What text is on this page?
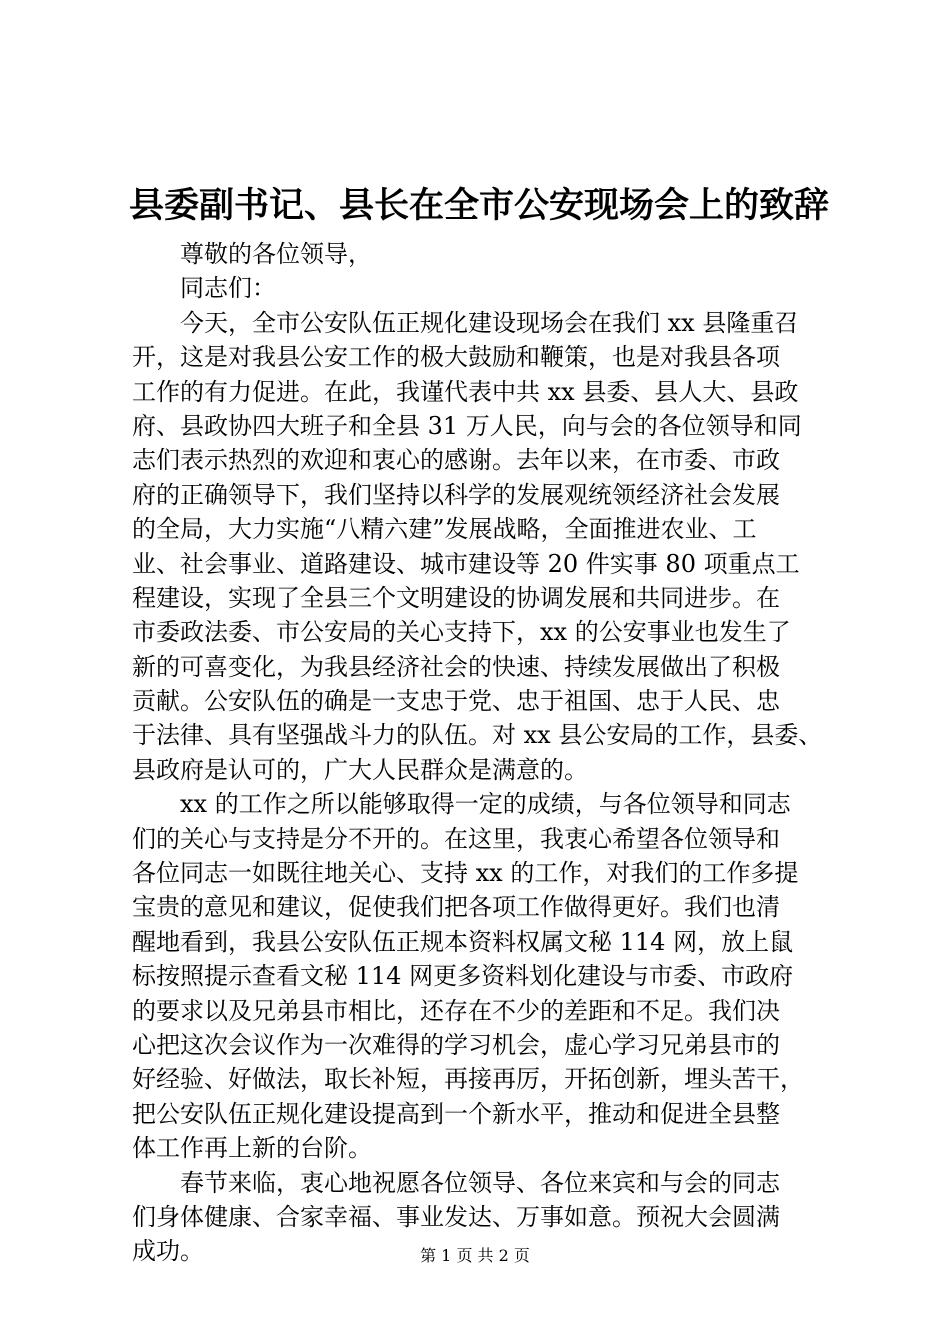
县委副书记、县长在全市公安现场会上的致辞
尊敬的各位领导，
同志们：
今天，全市公安队伍正规化建设现场会在我们 xx 县隆重召
开，这是对我县公安工作的极大鼓励和鞭策，也是对我县各项
工作的有力促进。在此，我谨代表中共 xx 县委、县人大、县政
府、县政协四大班子和全县 31 万人民，向与会的各位领导和同
志们表示热烈的欢迎和衷心的感谢。去年以来，在市委、市政
府的正确领导下，我们坚持以科学的发展观统领经济社会发展
的全局，大力实施“八精六建”发展战略，全面推进农业、工
业、社会事业、道路建设、城市建设等 20 件实事 80 项重点工
程建设，实现了全县三个文明建设的协调发展和共同进步。在
市委政法委、市公安局的关心支持下，xx 的公安事业也发生了
新的可喜变化，为我县经济社会的快速、持续发展做出了积极
贡献。公安队伍的确是一支忠于党、忠于祖国、忠于人民、忠
于法律、具有坚强战斗力的队伍。对 xx 县公安局的工作，县委、
县政府是认可的，广大人民群众是满意的。
xx 的工作之所以能够取得一定的成绩，与各位领导和同志
们的关心与支持是分不开的。在这里，我衷心希望各位领导和
各位同志一如既往地关心、支持 xx 的工作，对我们的工作多提
宝贵的意见和建议，促使我们把各项工作做得更好。我们也清
醒地看到，我县公安队伍正规本资料权属文秘 114 网，放上鼠
标按照提示查看文秘 114 网更多资料划化建设与市委、市政府
的要求以及兄弟县市相比，还存在不少的差距和不足。我们决
心把这次会议作为一次难得的学习机会，虚心学习兄弟县市的
好经验、好做法，取长补短，再接再厉，开拓创新，埋头苦干，
把公安队伍正规化建设提高到一个新水平，推动和促进全县整
体工作再上新的台阶。
春节来临，衷心地祝愿各位领导、各位来宾和与会的同志
们身体健康、合家幸福、事业发达、万事如意。预祝大会圆满
成功。	第 1 页 共 2 页
